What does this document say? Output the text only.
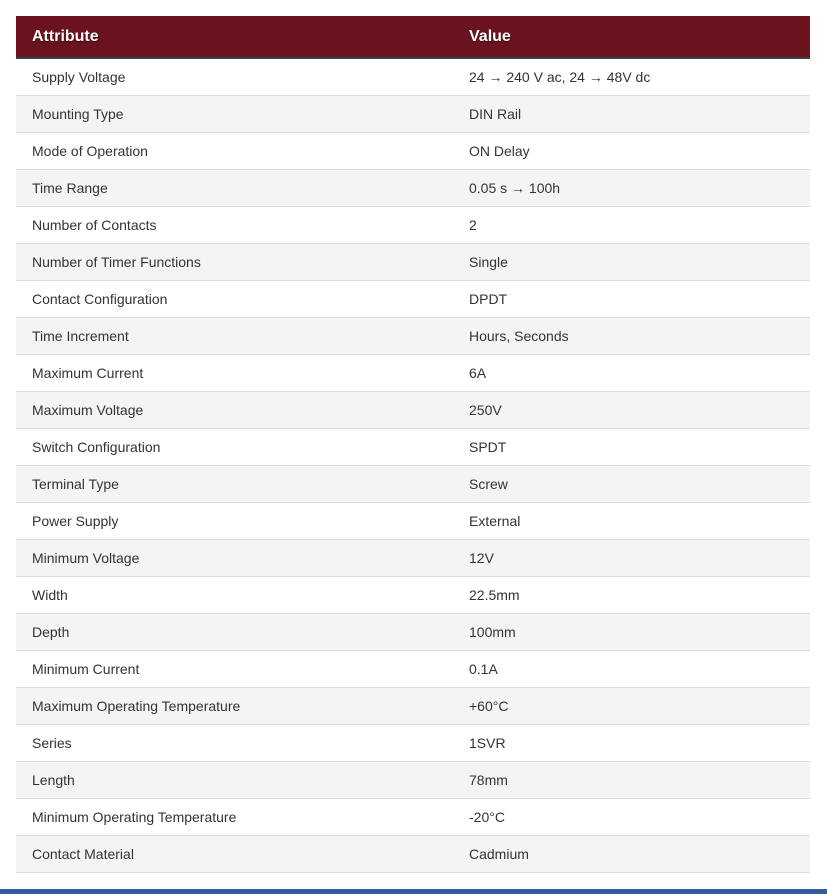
Attribute	Value
Supply Voltage	24 → 240 V ac, 24 → 48V dc
Mounting Type	DIN Rail
Mode of Operation	ON Delay
Time Range	0.05 s → 100h
Number of Contacts	2
Number of Timer Functions	Single
Contact Configuration	DPDT
Time Increment	Hours, Seconds
Maximum Current	6A
Maximum Voltage	250V
Switch Configuration	SPDT
Terminal Type	Screw
Power Supply	External
Minimum Voltage	12V
Width	22.5mm
Depth	100mm
Minimum Current	0.1A
Maximum Operating Temperature	+60°C
Series	1SVR
Length	78mm
Minimum Operating Temperature	-20°C
Contact Material	Cadmium
